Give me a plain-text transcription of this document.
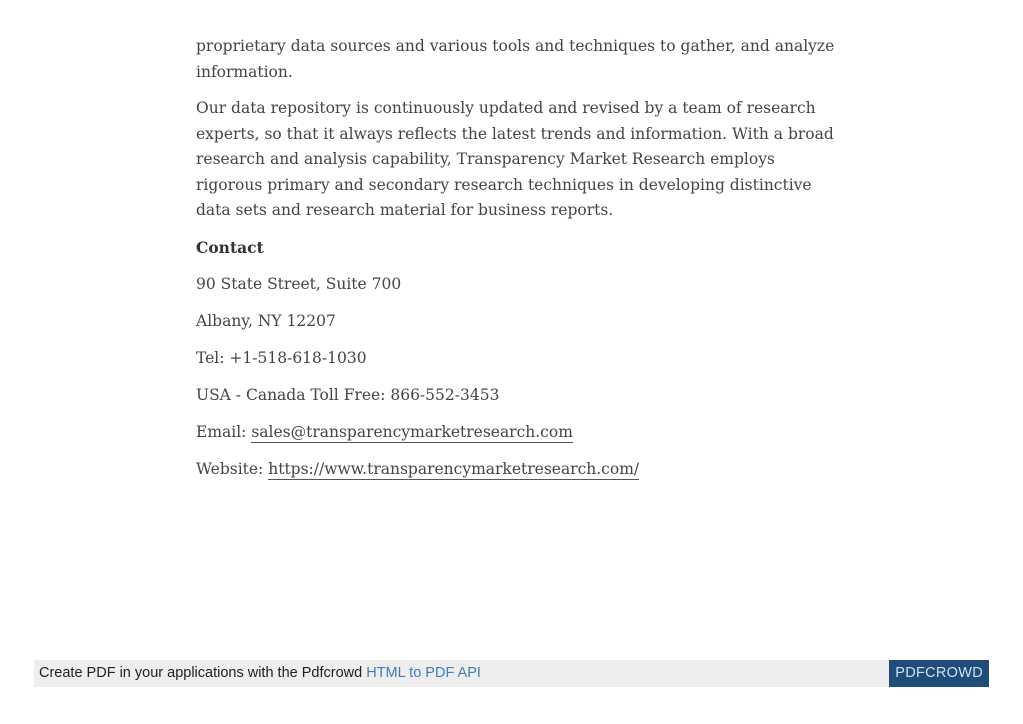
proprietary data sources and various tools and techniques to gather, and analyze information.

Our data repository is continuously updated and revised by a team of research experts, so that it always reflects the latest trends and information. With a broad research and analysis capability, Transparency Market Research employs rigorous primary and secondary research techniques in developing distinctive data sets and research material for business reports.

Contact

90 State Street, Suite 700

Albany, NY 12207

Tel: +1-518-618-1030

USA - Canada Toll Free: 866-552-3453

Email: sales@transparencymarketresearch.com

Website: https://www.transparencymarketresearch.com/

Create PDF in your applications with the Pdfcrowd HTML to PDF API	PDFCROWD
